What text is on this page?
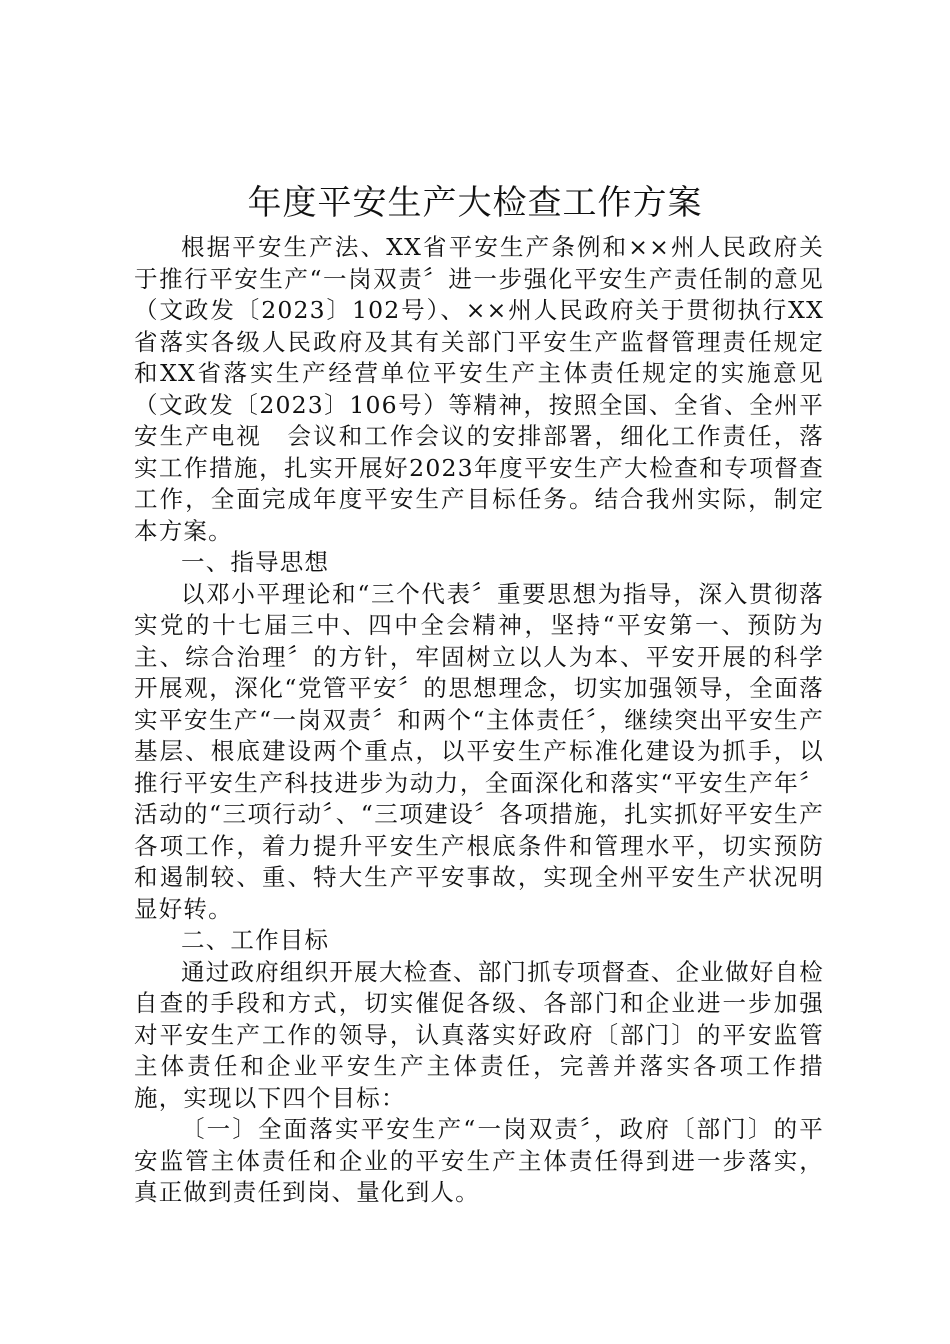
年度平安生产大检查工作方案

根据平安生产法、XX省平安生产条例和××州人民政府关于推行平安生产“一岗双责〞进一步强化平安生产责任制的意见（文政发〔2023〕102号）、××州人民政府关于贯彻执行XX省落实各级人民政府及其有关部门平安生产监督管理责任规定和XX省落实生产经营单位平安生产主体责任规定的实施意见（文政发〔2023〕106号）等精神，按照全国、全省、全州平安生产电视　会议和工作会议的安排部署，细化工作责任，落实工作措施，扎实开展好2023年度平安生产大检查和专项督查工作，全面完成年度平安生产目标任务。结合我州实际，制定本方案。

一、指导思想

以邓小平理论和“三个代表〞重要思想为指导，深入贯彻落实党的十七届三中、四中全会精神，坚持“平安第一、预防为主、综合治理〞的方针，牢固树立以人为本、平安开展的科学开展观，深化“党管平安〞的思想理念，切实加强领导，全面落实平安生产“一岗双责〞和两个“主体责任〞，继续突出平安生产基层、根底建设两个重点，以平安生产标准化建设为抓手，以推行平安生产科技进步为动力，全面深化和落实“平安生产年〞活动的“三项行动〞、“三项建设〞各项措施，扎实抓好平安生产各项工作，着力提升平安生产根底条件和管理水平，切实预防和遏制较、重、特大生产平安事故，实现全州平安生产状况明显好转。

二、工作目标

通过政府组织开展大检查、部门抓专项督查、企业做好自检自查的手段和方式，切实催促各级、各部门和企业进一步加强对平安生产工作的领导，认真落实好政府〔部门〕的平安监管主体责任和企业平安生产主体责任，完善并落实各项工作措施，实现以下四个目标：

〔一〕全面落实平安生产“一岗双责〞，政府〔部门〕的平安监管主体责任和企业的平安生产主体责任得到进一步落实，真正做到责任到岗、量化到人。
